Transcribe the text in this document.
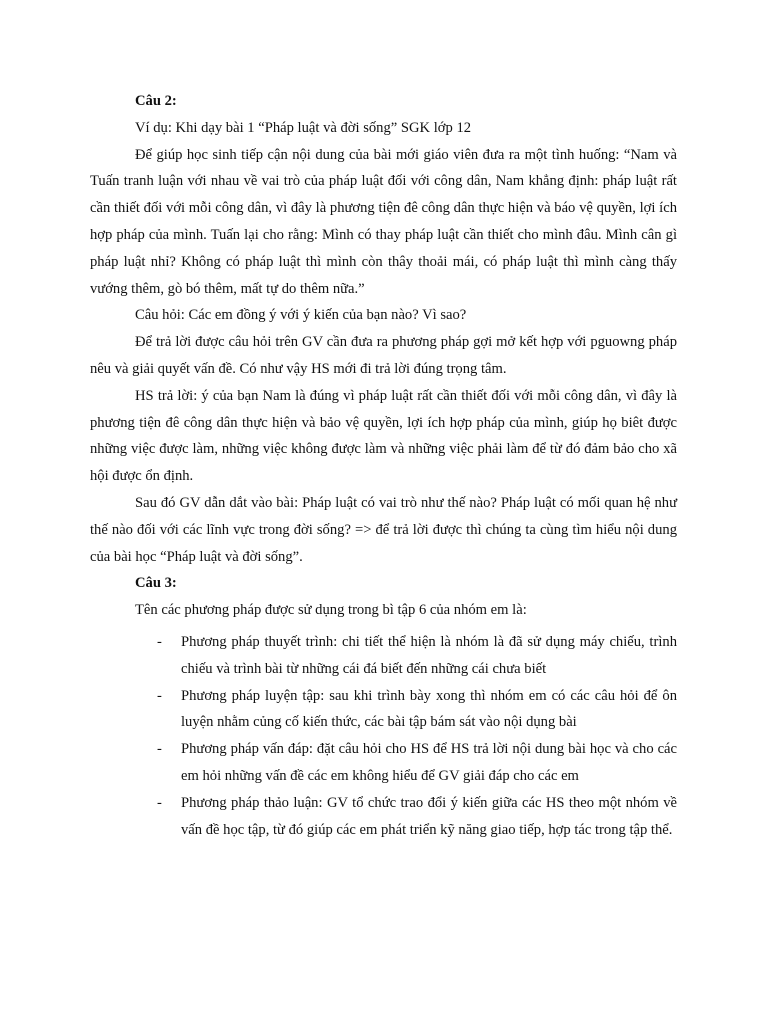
Câu 2:

Ví dụ: Khi dạy bài 1 “Pháp luật và đời sống” SGK lớp 12

Để giúp học sinh tiếp cận nội dung của bài mới giáo viên đưa ra một tình huống: “Nam và Tuấn tranh luận với nhau về vai trò của pháp luật đối với công dân, Nam khẳng định: pháp luật rất cần thiết đối với mỗi công dân, vì đây là phương tiện đê công dân thực hiện và báo vệ quyền, lợi ích hợp pháp của mình. Tuấn lại cho rằng: Mình có thay pháp luật cần thiết cho mình đâu. Mình cân gì pháp luật nhỉ? Không có pháp luật thì mình còn thây thoải mái, có pháp luật thì mình càng thấy vướng thêm, gò bó thêm, mất tự do thêm nữa.”

Câu hỏi: Các em đồng ý với ý kiến của bạn nào? Vì sao?

Để trả lời được câu hỏi trên GV cần đưa ra phương pháp gợi mở kết hợp với pguowng pháp nêu và giải quyết vấn đề. Có như vậy HS mới đi trả lời đúng trọng tâm.

HS trả lời: ý của bạn Nam là đúng vì pháp luật rất cần thiết đối với mỗi công dân, vì đây là phương tiện đê công dân thực hiện và bảo vệ quyền, lợi ích hợp pháp của mình, giúp họ biêt được những việc được làm, những việc không được làm và những việc phải làm để từ đó đảm bảo cho xã hội được ổn định.

Sau đó GV dẫn dắt vào bài: Pháp luật có vai trò như thế nào? Pháp luật có mối quan hệ như thế nào đối với các lĩnh vực trong đời sống? => để trả lời được thì chúng ta cùng tìm hiểu nội dung của bài học “Pháp luật và đời sống”.

Câu 3:

Tên các phương pháp được sử dụng trong bì tập 6 của nhóm em là:

- Phương pháp thuyết trình: chi tiết thể hiện là nhóm là đã sử dụng máy chiếu, trình chiếu và trình bài từ những cái đá biết đến những cái chưa biết
- Phương pháp luyện tập: sau khi trình bày xong thì nhóm em có các câu hỏi để ôn luyện nhằm củng cố kiến thức, các bài tập bám sát vào nội dụng bài
- Phương pháp vấn đáp: đặt câu hỏi cho HS để HS trả lời nội dung bài học và cho các em hỏi những vấn đề các em không hiểu để GV giải đáp cho các em
- Phương pháp thảo luận: GV tổ chức trao đổi ý kiến giữa các HS theo một nhóm về vấn đề học tập, từ đó giúp các em phát triển kỹ năng giao tiếp, hợp tác trong tập thể.
